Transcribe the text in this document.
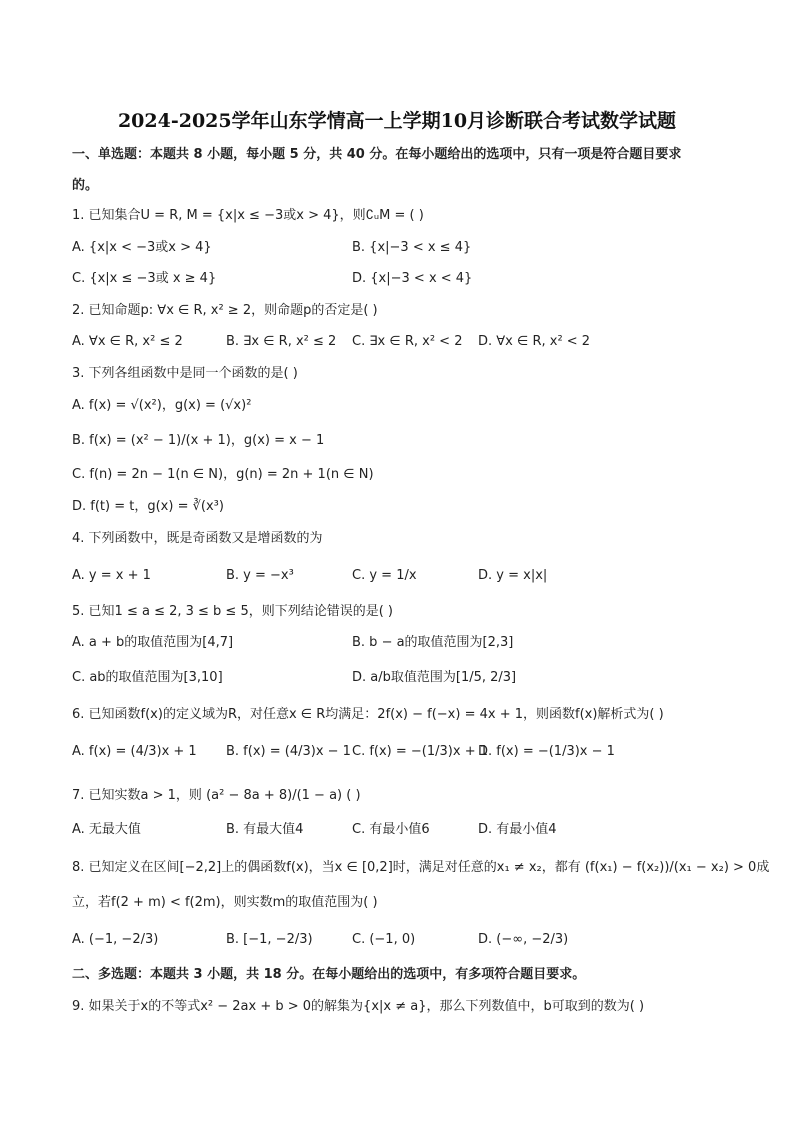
2024-2025学年山东学情高一上学期10月诊断联合考试数学试题
一、单选题：本题共 8 小题，每小题 5 分，共 40 分。在每小题给出的选项中，只有一项是符合题目要求
的。
1. 已知集合U = R, M = {x|x ≤ −3或x > 4}，则∁ᵤM = ( )
A. {x|x < −3或x > 4}	B. {x|−3 < x ≤ 4}
C. {x|x ≤ −3或 x ≥ 4}	D. {x|−3 < x < 4}
2. 已知命题p: ∀x ∈ R, x² ≥ 2，则命题p的否定是( )
A. ∀x ∈ R, x² ≤ 2	B. ∃x ∈ R, x² ≤ 2 C. ∃x ∈ R, x² < 2 D. ∀x ∈ R, x² < 2
3. 下列各组函数中是同一个函数的是( )
A. f(x) = √(x²)，g(x) = (√x)²
B. f(x) = (x² − 1)/(x + 1)，g(x) = x − 1
C. f(n) = 2n − 1(n ∈ N)，g(n) = 2n + 1(n ∈ N)
D. f(t) = t，g(x) = ∛(x³)
4. 下列函数中，既是奇函数又是增函数的为
A. y = x + 1	B. y = −x³	C. y = 1/x	D. y = x|x|
5. 已知1 ≤ a ≤ 2, 3 ≤ b ≤ 5，则下列结论错误的是( )
A. a + b的取值范围为[4,7]	B. b − a的取值范围为[2,3]
C. ab的取值范围为[3,10]	D. a/b取值范围为[1/5, 2/3]
6. 已知函数f(x)的定义域为R，对任意x ∈ R均满足：2f(x) − f(−x) = 4x + 1，则函数f(x)解析式为( )
A. f(x) = (4/3)x + 1 B. f(x) = (4/3)x − 1 C. f(x) = −(1/3)x + 1
D. f(x) = −(1/3)x − 1
7. 已知实数a > 1，则 (a² − 8a + 8)/(1 − a) ( )
A. 无最大值	B. 有最大值4	C. 有最小值6	D. 有最小值4
8. 已知定义在区间[−2,2]上的偶函数f(x)，当x ∈ [0,2]时，满足对任意的x₁ ≠ x₂，都有 (f(x₁) − f(x₂))/(x₁ − x₂) > 0成
立，若f(2 + m) < f(2m)，则实数m的取值范围为( )
A. (−1, −2/3)	B. [−1, −2/3)	C. (−1, 0)	D. (−∞, −2/3)
二、多选题：本题共 3 小题，共 18 分。在每小题给出的选项中，有多项符合题目要求。
9. 如果关于x的不等式x² − 2ax + b > 0的解集为{x|x ≠ a}，那么下列数值中，b可取到的数为( )
